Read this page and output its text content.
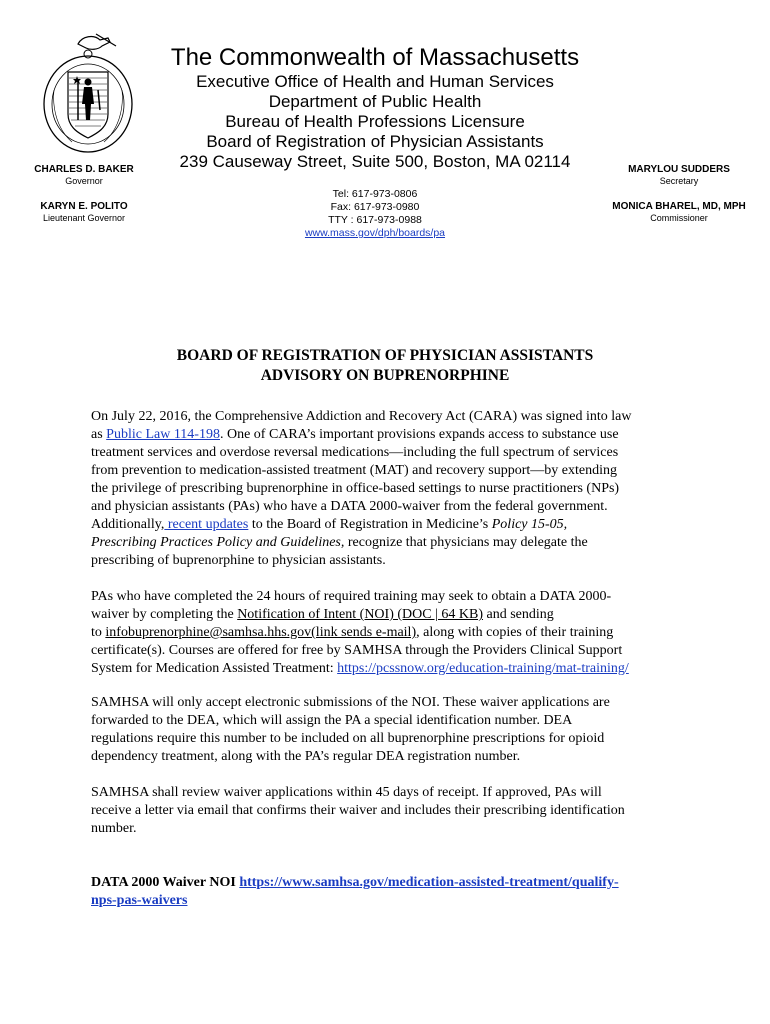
CHARLES D. BAKER
Governor
KARYN E. POLITO
Lieutenant Governor
MARYLOU SUDDERS
Secretary
MONICA BHAREL, MD, MPH
Commissioner
The Commonwealth of Massachusetts
Executive Office of Health and Human Services
Department of Public Health
Bureau of Health Professions Licensure
Board of Registration of Physician Assistants
239 Causeway Street, Suite 500, Boston, MA 02114
Tel: 617-973-0806
Fax: 617-973-0980
TTY : 617-973-0988
www.mass.gov/dph/boards/pa
BOARD OF REGISTRATION OF PHYSICIAN ASSISTANTS
ADVISORY ON BUPRENORPHINE
On July 22, 2016, the Comprehensive Addiction and Recovery Act (CARA) was signed into law
as Public Law 114-198. One of CARA’s important provisions expands access to substance use
treatment services and overdose reversal medications—including the full spectrum of services
from prevention to medication-assisted treatment (MAT) and recovery support—by extending
the privilege of prescribing buprenorphine in office-based settings to nurse practitioners (NPs)
and physician assistants (PAs) who have a DATA 2000-waiver from the federal government.
Additionally, recent updates to the Board of Registration in Medicine’s Policy 15-05,
Prescribing Practices Policy and Guidelines, recognize that physicians may delegate the
prescribing of buprenorphine to physician assistants.
PAs who have completed the 24 hours of required training may seek to obtain a DATA 2000-
waiver by completing the Notification of Intent (NOI) (DOC | 64 KB) and sending
to infobuprenorphine@samhsa.hhs.gov(link sends e-mail), along with copies of their training
certificate(s). Courses are offered for free by SAMHSA through the Providers Clinical Support
System for Medication Assisted Treatment: https://pcssnow.org/education-training/mat-training/
SAMHSA will only accept electronic submissions of the NOI. These waiver applications are
forwarded to the DEA, which will assign the PA a special identification number. DEA
regulations require this number to be included on all buprenorphine prescriptions for opioid
dependency treatment, along with the PA’s regular DEA registration number.
SAMHSA shall review waiver applications within 45 days of receipt. If approved, PAs will
receive a letter via email that confirms their waiver and includes their prescribing identification
number.
DATA 2000 Waiver NOI https://www.samhsa.gov/medication-assisted-treatment/qualify-
nps-pas-waivers
